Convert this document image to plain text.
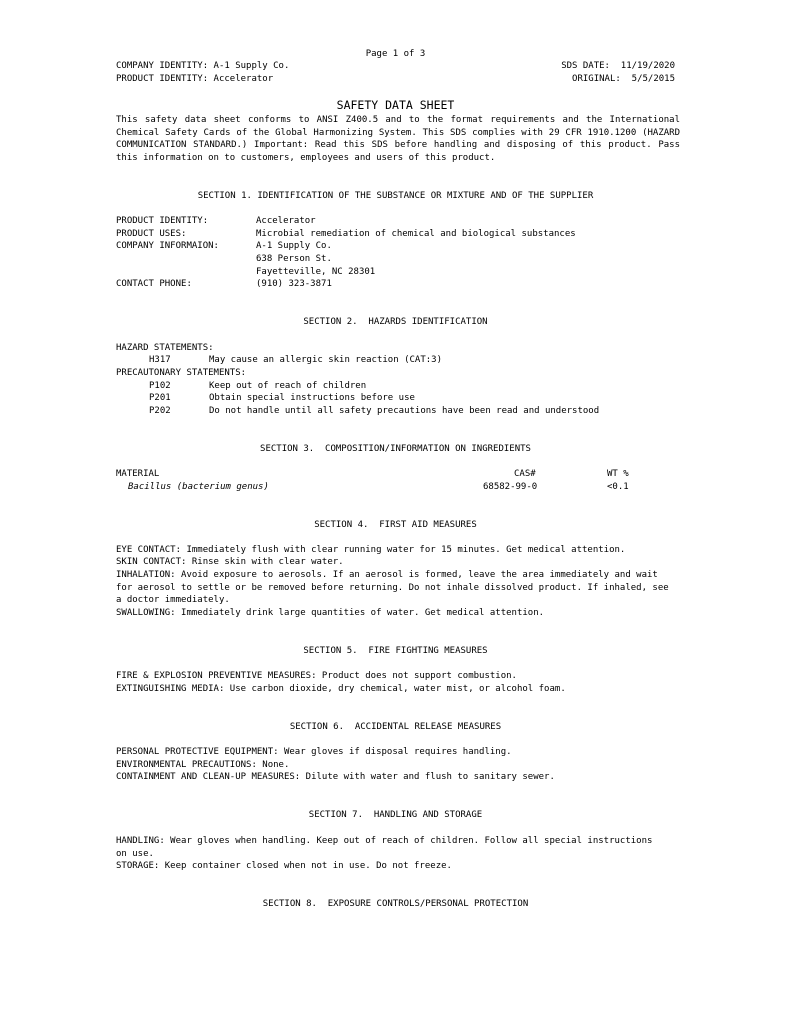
Page 1 of 3
COMPANY IDENTITY: A-1 Supply Co.	SDS DATE:  11/19/2020
PRODUCT IDENTITY: Accelerator	ORIGINAL:  5/5/2015
SAFETY DATA SHEET
This safety data sheet conforms to ANSI Z400.5 and to the format requirements and the International Chemical Safety Cards of the Global Harmonizing System. This SDS complies with 29 CFR 1910.1200 (HAZARD COMMUNICATION STANDARD.) Important: Read this SDS before handling and disposing of this product. Pass this information on to customers, employees and users of this product.
SECTION 1. IDENTIFICATION OF THE SUBSTANCE OR MIXTURE AND OF THE SUPPLIER
PRODUCT IDENTITY:	Accelerator
PRODUCT USES:	Microbial remediation of chemical and biological substances
COMPANY INFORMAION:	A-1 Supply Co.
638 Person St.
Fayetteville, NC 28301
CONTACT PHONE:	(910) 323-3871
SECTION 2.  HAZARDS IDENTIFICATION
HAZARD STATEMENTS:
H317	May cause an allergic skin reaction (CAT:3)
PRECAUTONARY STATEMENTS:
P102	Keep out of reach of children
P201	Obtain special instructions before use
P202	Do not handle until all safety precautions have been read and understood
SECTION 3.  COMPOSITION/INFORMATION ON INGREDIENTS
MATERIAL	CAS#	WT %
Bacillus (bacterium genus)	68582-99-0	<0.1
SECTION 4.  FIRST AID MEASURES
EYE CONTACT: Immediately flush with clear running water for 15 minutes. Get medical attention.
SKIN CONTACT: Rinse skin with clear water.
INHALATION: Avoid exposure to aerosols. If an aerosol is formed, leave the area immediately and wait for aerosol to settle or be removed before returning. Do not inhale dissolved product. If inhaled, see a doctor immediately.
SWALLOWING: Immediately drink large quantities of water. Get medical attention.
SECTION 5.  FIRE FIGHTING MEASURES
FIRE & EXPLOSION PREVENTIVE MEASURES: Product does not support combustion.
EXTINGUISHING MEDIA: Use carbon dioxide, dry chemical, water mist, or alcohol foam.
SECTION 6.  ACCIDENTAL RELEASE MEASURES
PERSONAL PROTECTIVE EQUIPMENT: Wear gloves if disposal requires handling.
ENVIRONMENTAL PRECAUTIONS: None.
CONTAINMENT AND CLEAN-UP MEASURES: Dilute with water and flush to sanitary sewer.
SECTION 7.  HANDLING AND STORAGE
HANDLING: Wear gloves when handling. Keep out of reach of children. Follow all special instructions on use.
STORAGE: Keep container closed when not in use. Do not freeze.
SECTION 8.  EXPOSURE CONTROLS/PERSONAL PROTECTION
